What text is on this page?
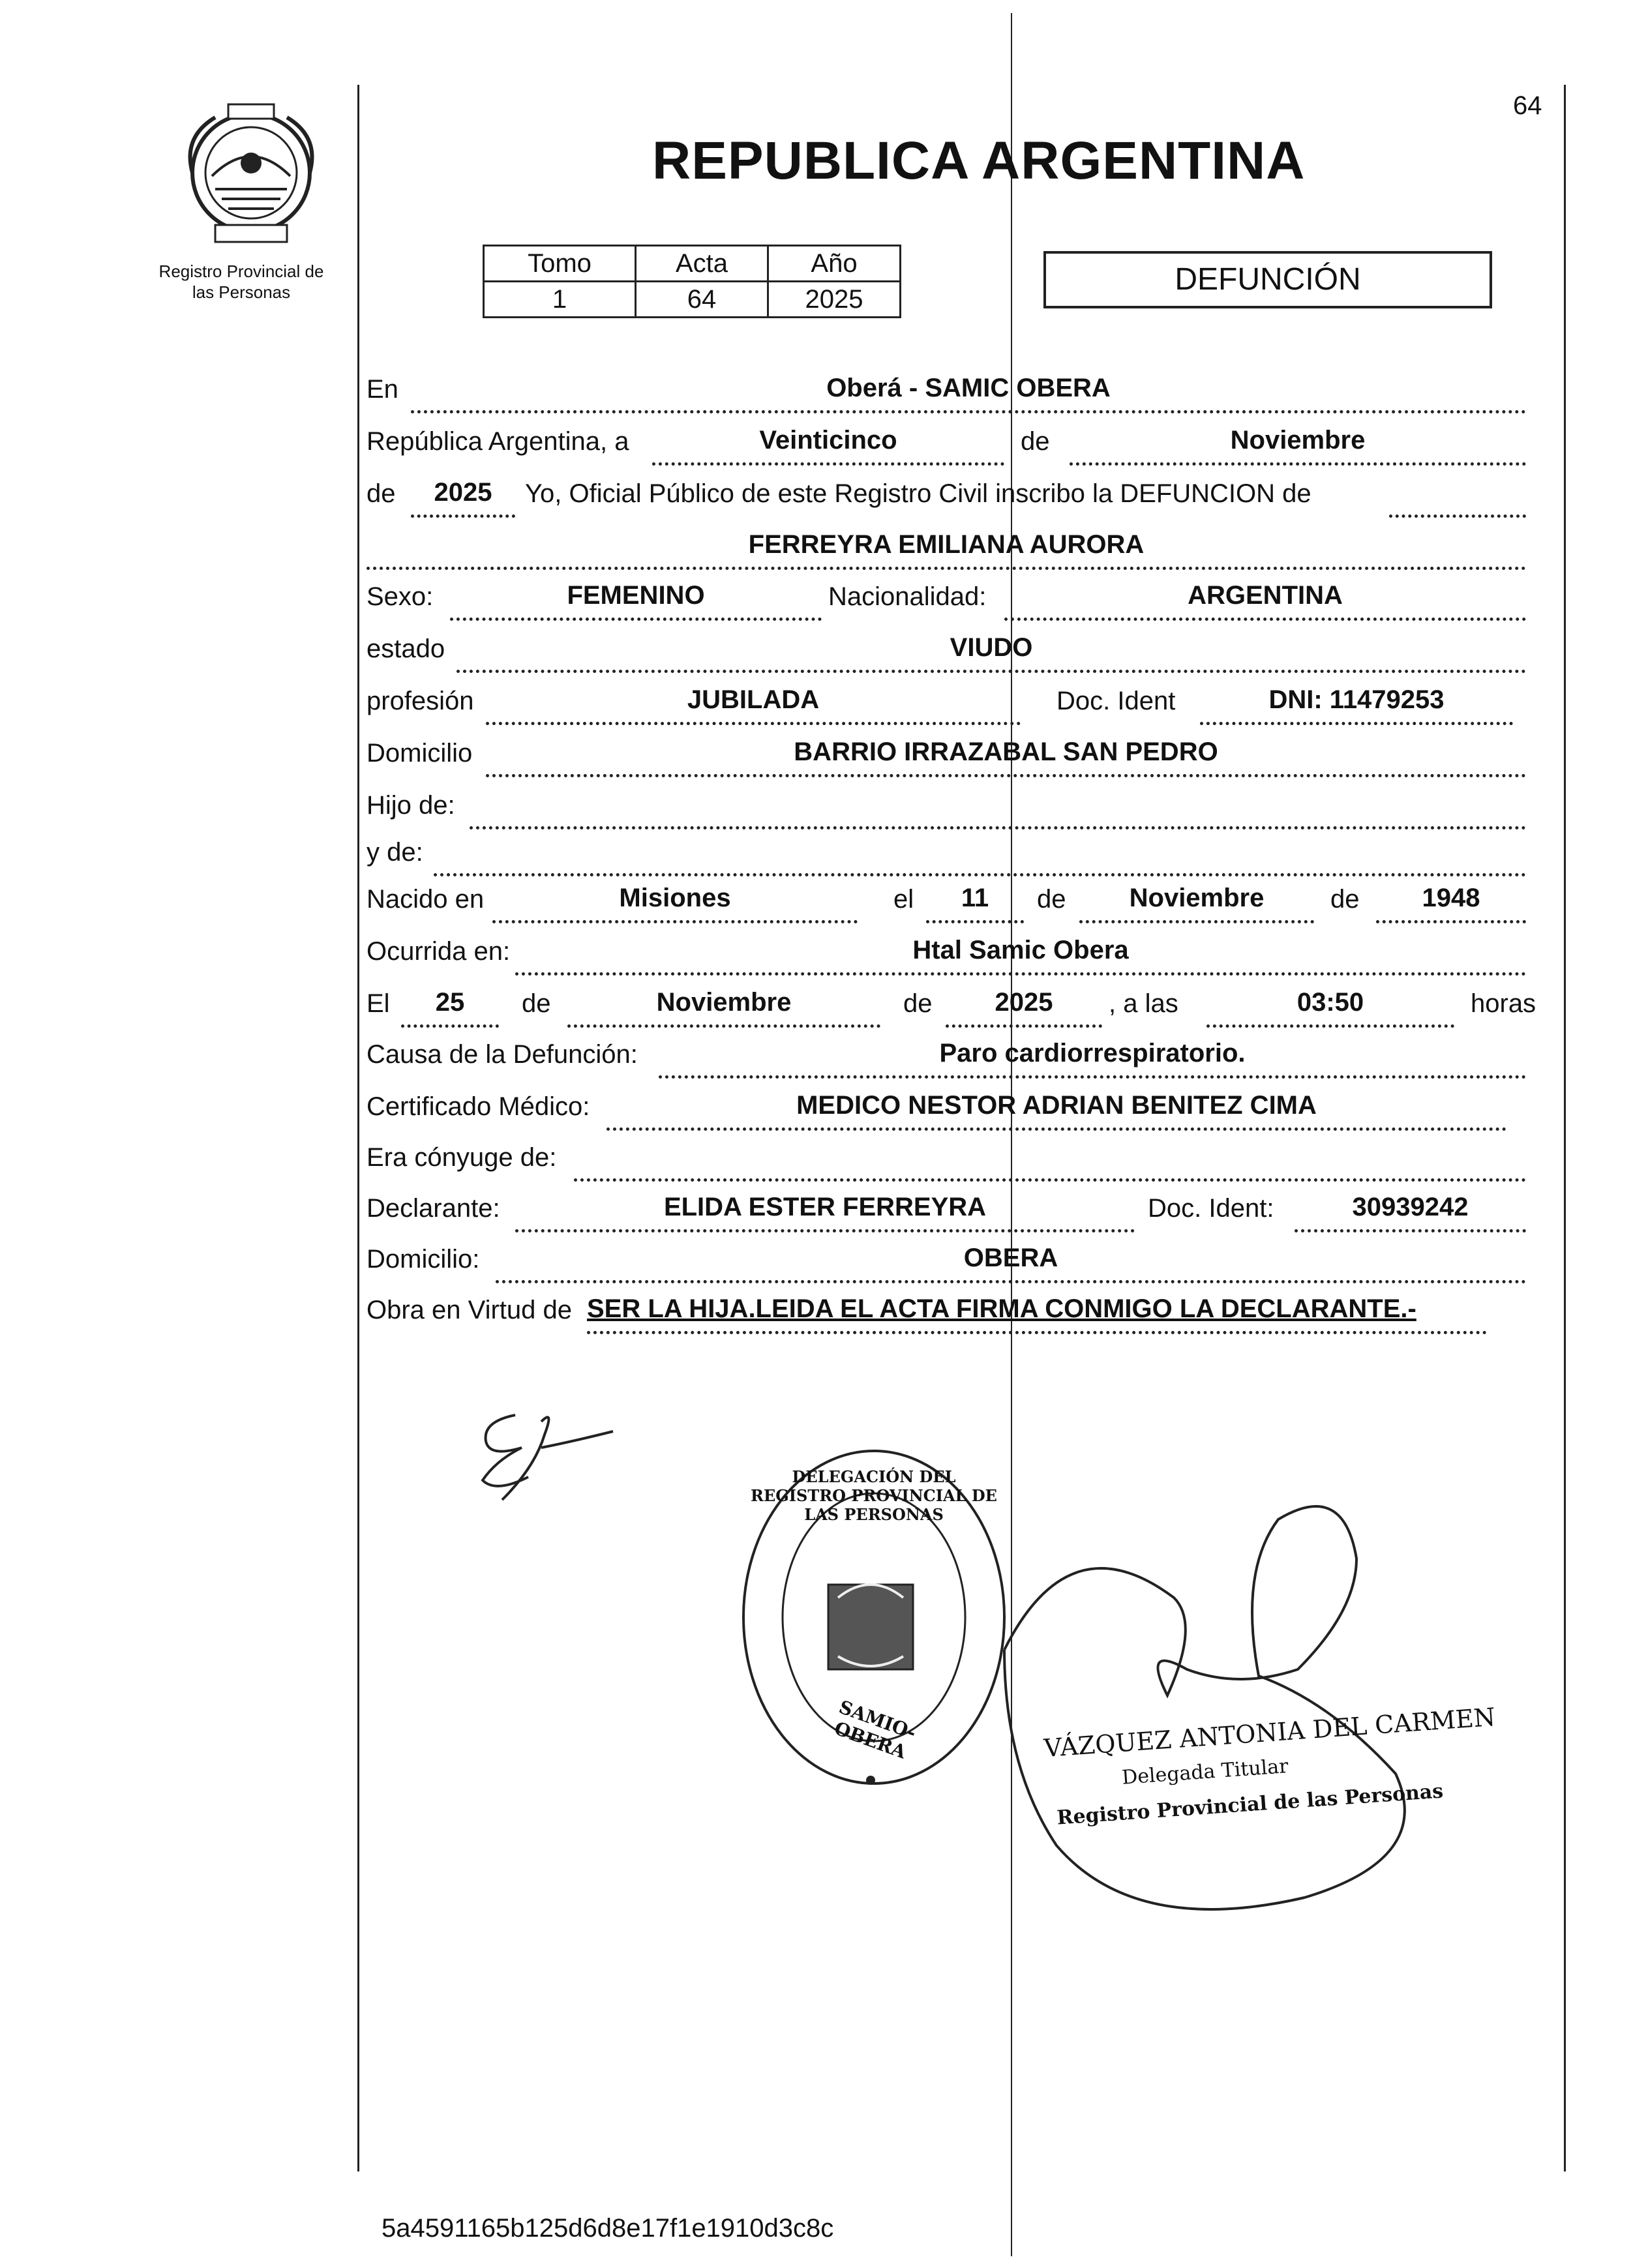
64
Registro Provincial de
las Personas
REPUBLICA ARGENTINA
Tomo	Acta	Año
1	64	2025
DEFUNCIÓN
En	Oberá - SAMIC OBERA
República Argentina, a	Veinticinco	de	Noviembre
de	2025	Yo, Oficial Público de este Registro Civil inscribo la DEFUNCION de
FERREYRA EMILIANA AURORA
Sexo:	FEMENINO	Nacionalidad:	ARGENTINA
estado	VIUDO
profesión	JUBILADA	Doc. Ident	DNI: 11479253
Domicilio	BARRIO IRRAZABAL SAN PEDRO
Hijo de:
y de:
Nacido en	Misiones	el	11	de	Noviembre	de	1948
Ocurrida en:	Htal Samic Obera
El	25	de	Noviembre	de	2025	, a las	03:50	horas
Causa de la Defunción:	Paro cardiorrespiratorio.
Certificado Médico:	MEDICO NESTOR ADRIAN BENITEZ CIMA
Era cónyuge de:
Declarante:	ELIDA ESTER FERREYRA	Doc. Ident:	30939242
Domicilio:	OBERA
Obra en Virtud de SER LA HIJA.LEIDA EL ACTA FIRMA CONMIGO LA DECLARANTE.-
DELEGACIÓN DEL REGISTRO PROVINCIAL DE LAS PERSONAS
SAMIO-OBERA	VÁZQUEZ ANTONIA DEL CARMEN
Delegada Titular
Registro Provincial de las Personas
5a4591165b125d6d8e17f1e1910d3c8c
